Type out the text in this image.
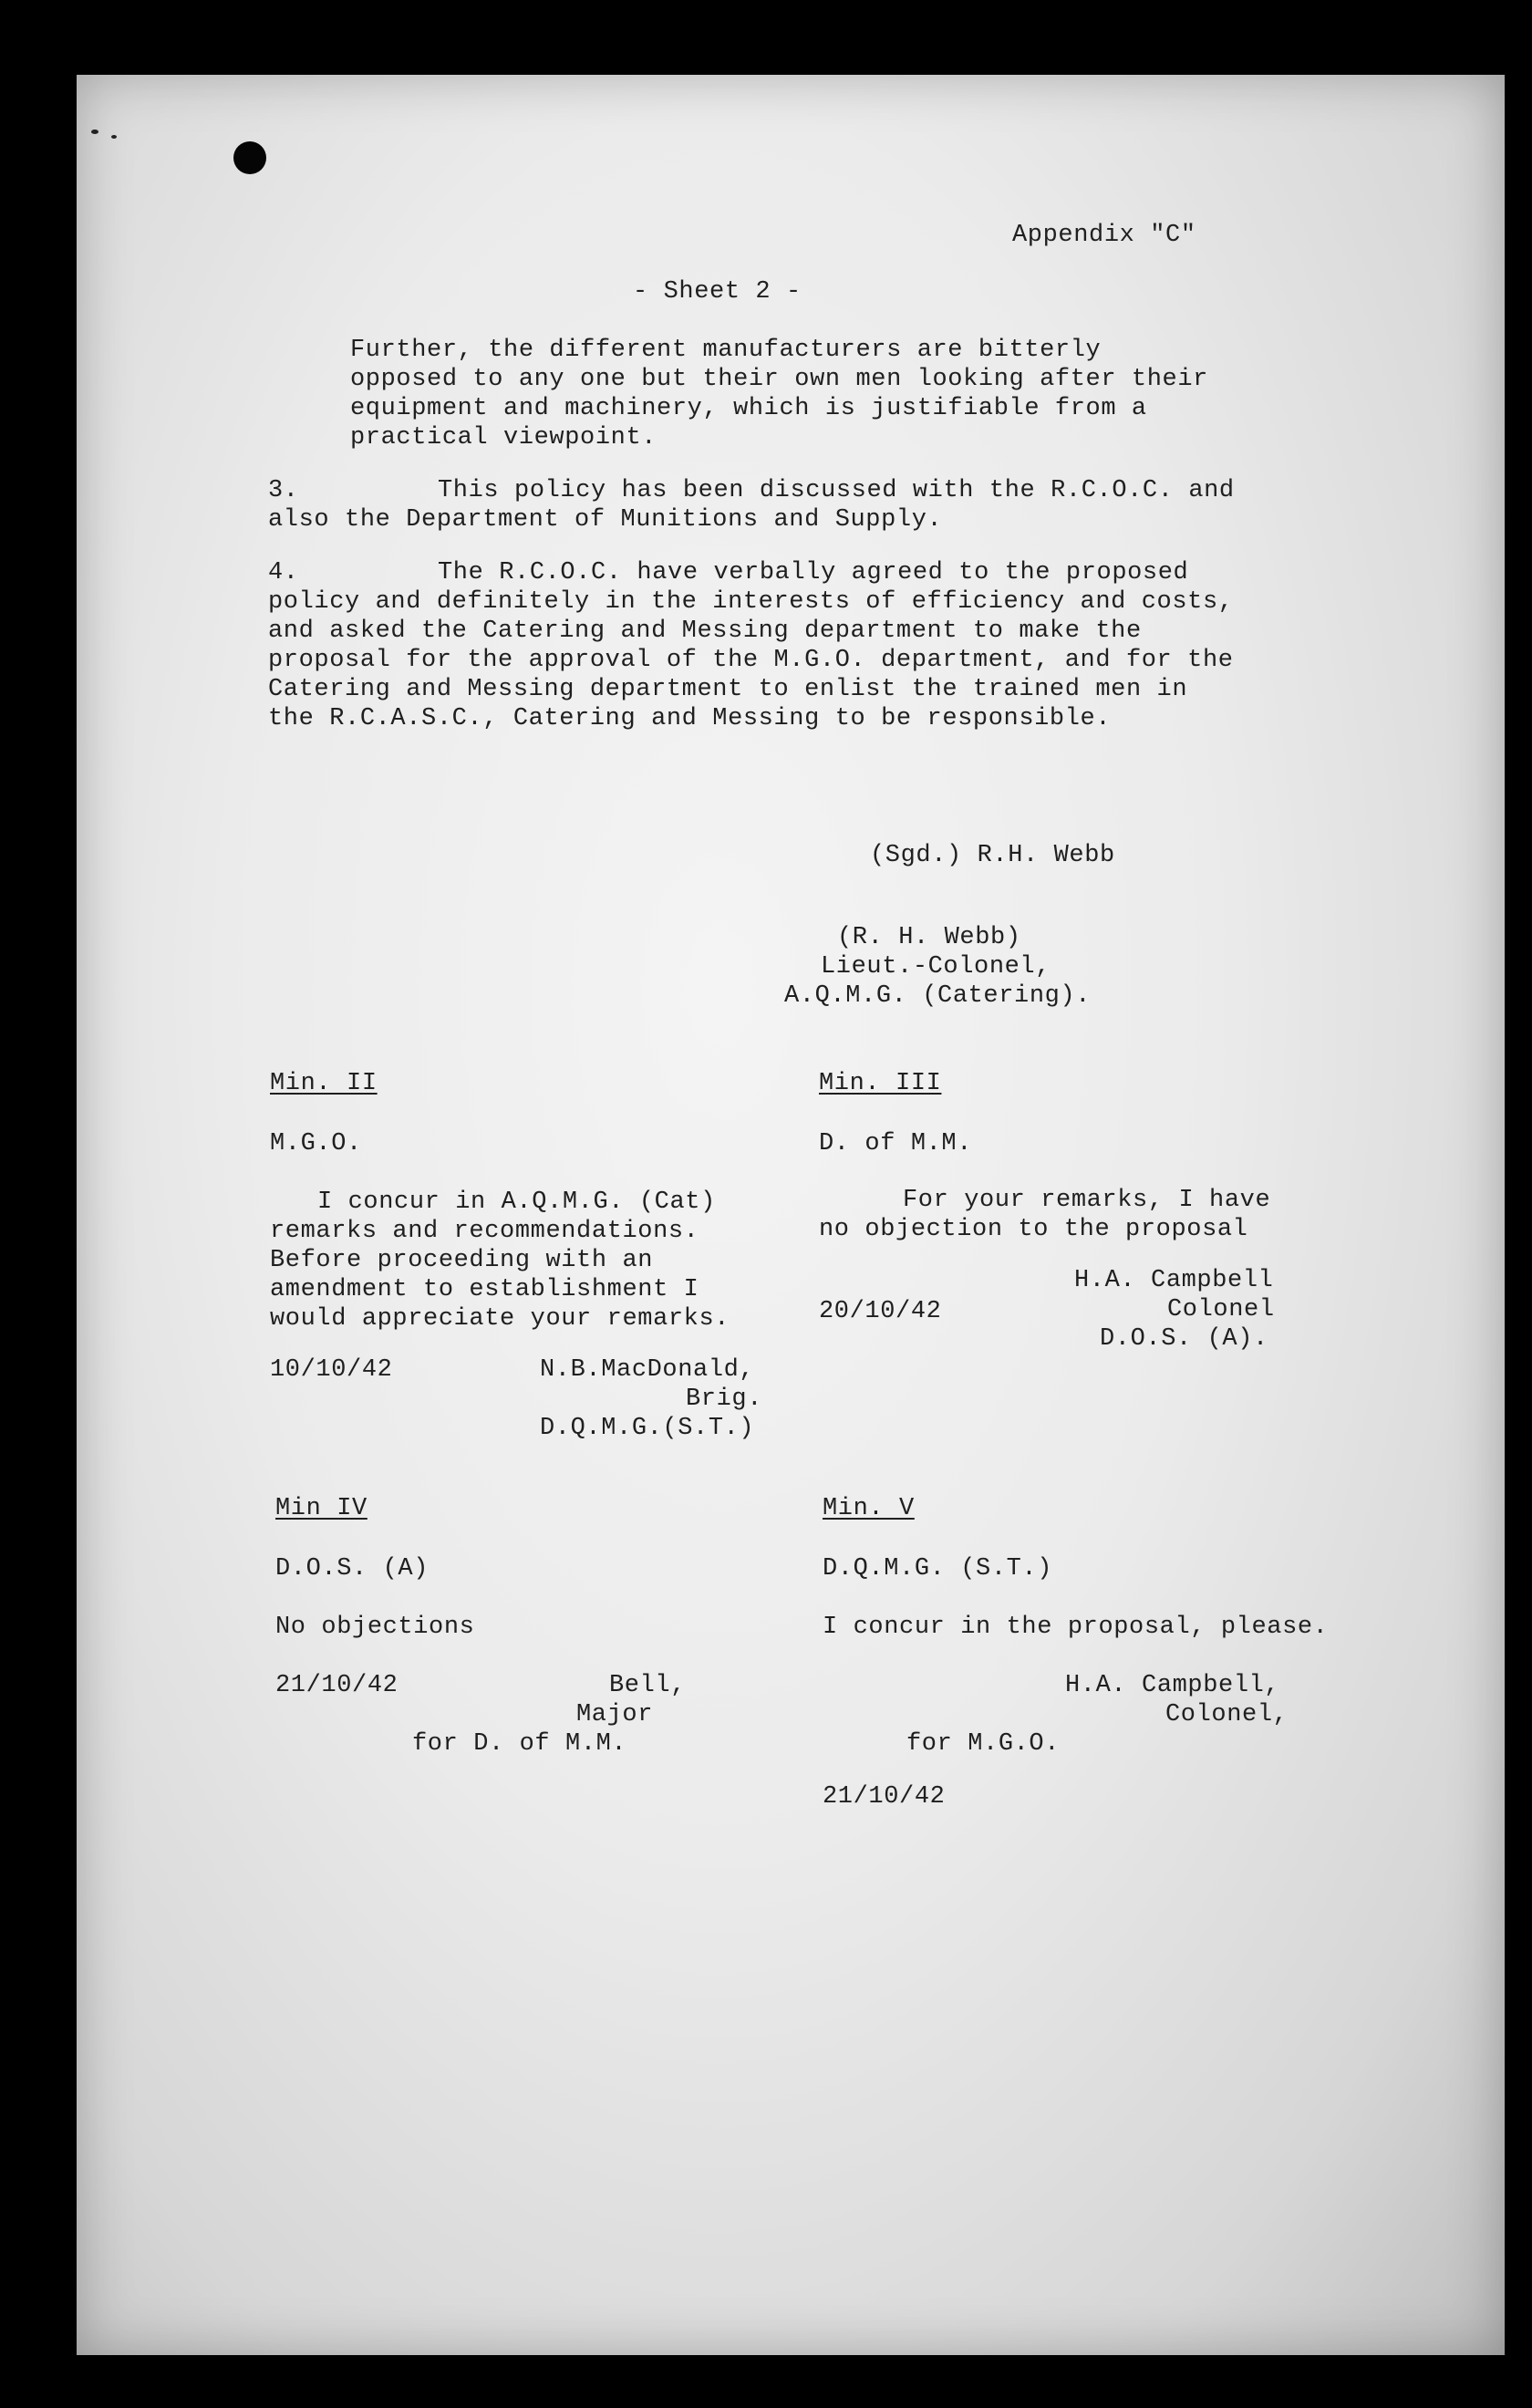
Appendix "C"
- Sheet 2 -
Further, the different manufacturers are bitterly
opposed to any one but their own men looking after their
equipment and machinery, which is justifiable from a
practical viewpoint.
3.	This policy has been discussed with the R.C.O.C. and
also the Department of Munitions and Supply.
4.	The R.C.O.C. have verbally agreed to the proposed
policy and definitely in the interests of efficiency and costs,
and asked the Catering and Messing department to make the
proposal for the approval of the M.G.O. department, and for the
Catering and Messing department to enlist the trained men in
the R.C.A.S.C., Catering and Messing to be responsible.
(Sgd.) R.H. Webb
(R. H. Webb)
Lieut.-Colonel,
A.Q.M.G. (Catering).
Min. II
M.G.O.
I concur in A.Q.M.G. (Cat)
remarks and recommendations.
Before proceeding with an
amendment to establishment I
would appreciate your remarks.
10/10/42	N.B.MacDonald,
Brig.
D.Q.M.G.(S.T.)
Min. III
D. of M.M.
For your remarks, I have
no objection to the proposal
H.A. Campbell
Colonel
D.O.S. (A).
20/10/42
Min IV
D.O.S. (A)
No objections
21/10/42	Bell,
Major
for D. of M.M.
Min. V
D.Q.M.G. (S.T.)
I concur in the proposal, please.
H.A. Campbell,
Colonel,
for M.G.O.
21/10/42
